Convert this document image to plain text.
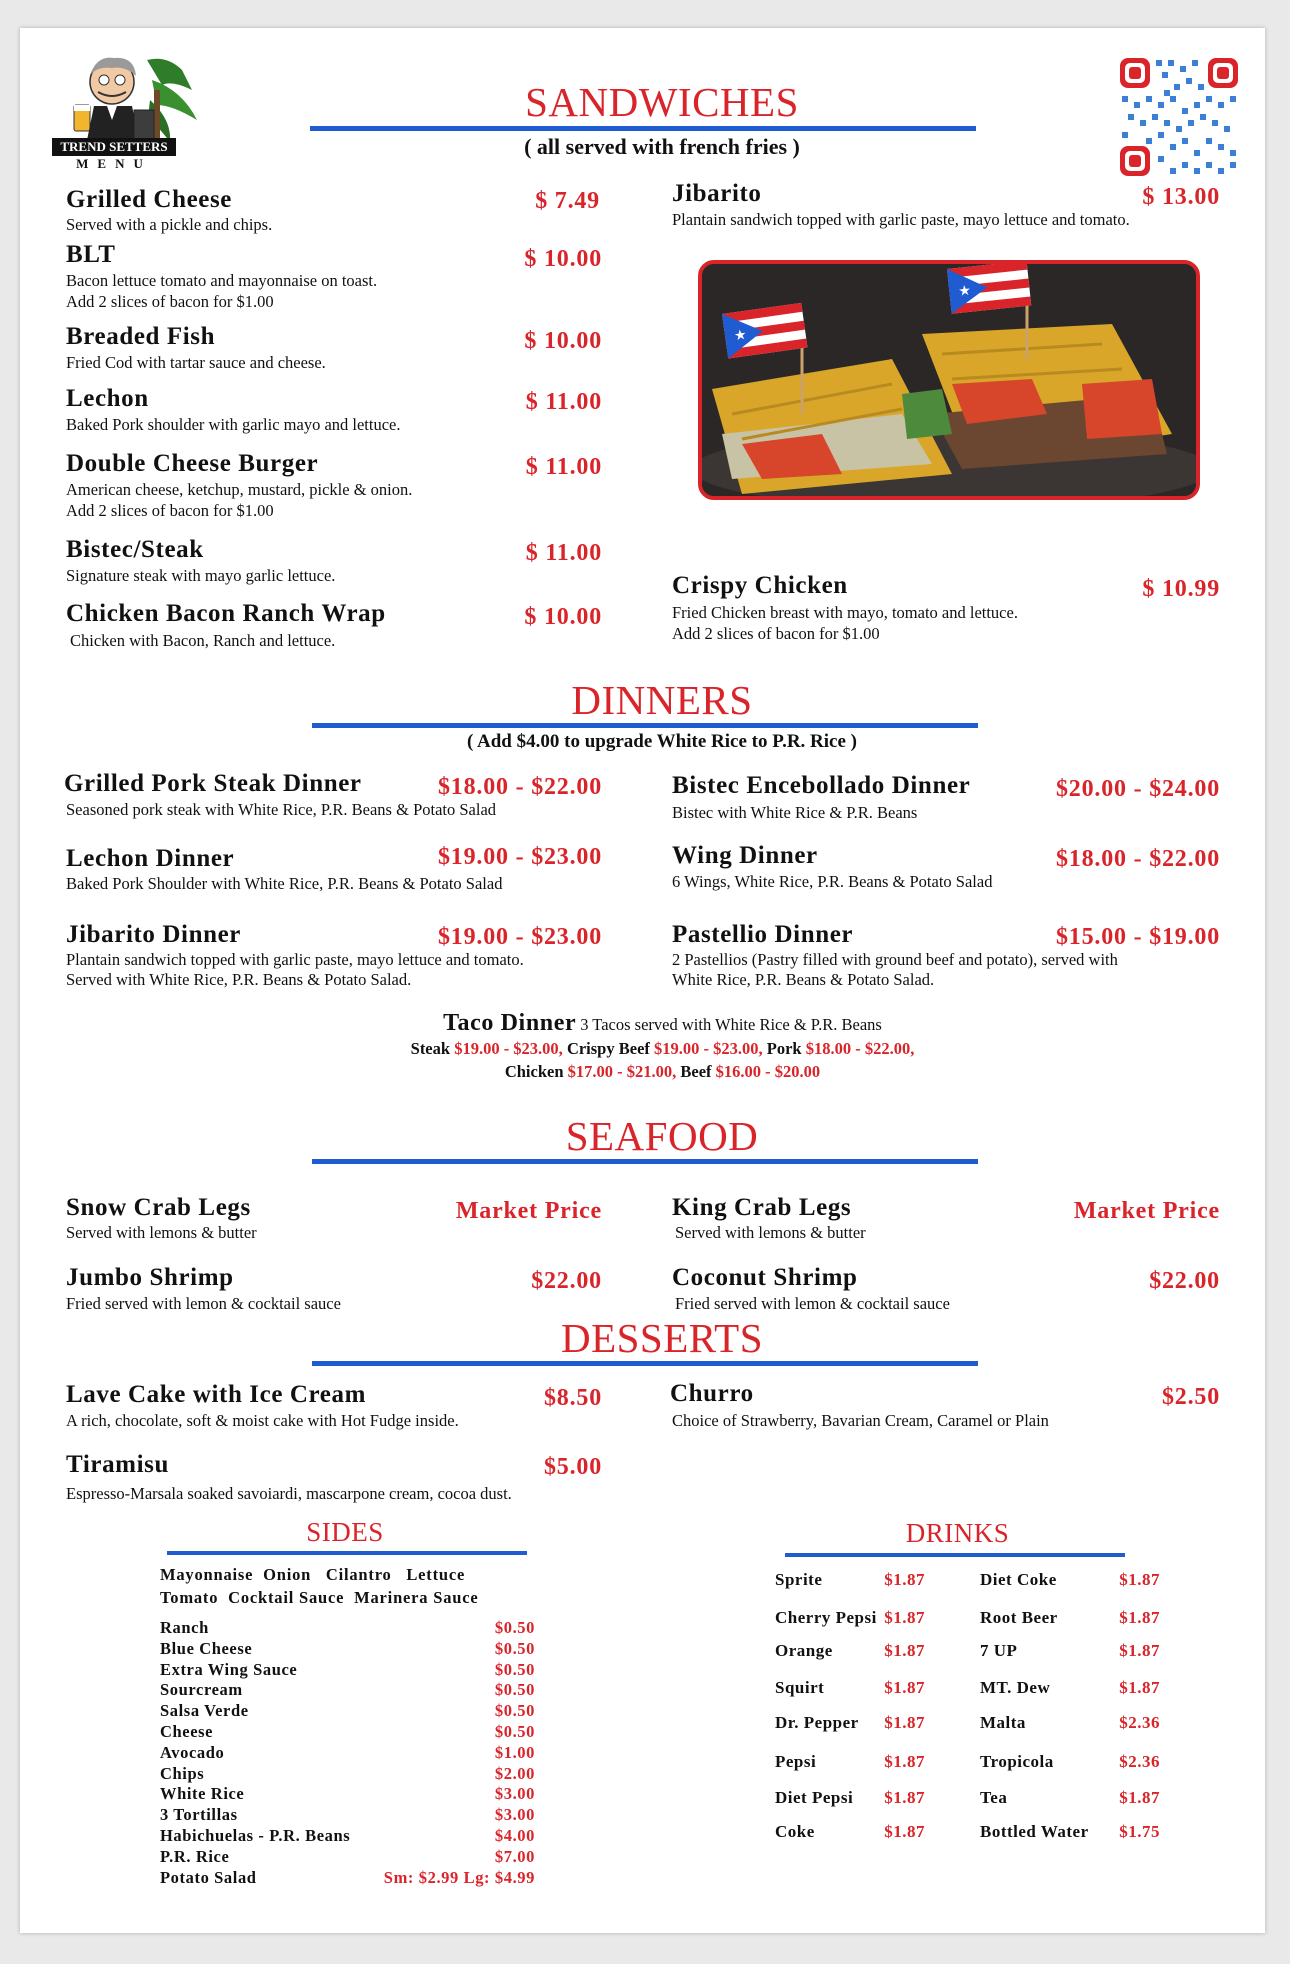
TREND SETTERS
MENU
SANDWICHES
( all served with french fries )
Grilled Cheese	$ 7.49
Served with a pickle and chips.
BLT	$ 10.00
Bacon lettuce tomato and mayonnaise on toast.
Add 2 slices of bacon for $1.00
Breaded Fish	$ 10.00
Fried Cod with tartar sauce and cheese.
Lechon	$ 11.00
Baked Pork shoulder with garlic mayo and lettuce.
Double Cheese Burger	$ 11.00
American cheese, ketchup, mustard, pickle & onion.
Add 2 slices of bacon for $1.00
Bistec/Steak	$ 11.00
Signature steak with mayo garlic lettuce.
Chicken Bacon Ranch Wrap	$ 10.00
Chicken with Bacon, Ranch and lettuce.
Jibarito	$ 13.00
Plantain sandwich topped with garlic paste, mayo lettuce and tomato.
★
★
Crispy Chicken	$ 10.99
Fried Chicken breast with mayo, tomato and lettuce.
Add 2 slices of bacon for $1.00
DINNERS
( Add $4.00 to upgrade White Rice to P.R. Rice )
Grilled Pork Steak Dinner	$18.00 - $22.00
Seasoned pork steak with White Rice, P.R. Beans & Potato Salad
Lechon Dinner	$19.00 - $23.00
Baked Pork Shoulder with White Rice, P.R. Beans & Potato Salad
Jibarito Dinner	$19.00 - $23.00
Plantain sandwich topped with garlic paste, mayo lettuce and tomato.
Served with White Rice, P.R. Beans & Potato Salad.
Bistec Encebollado Dinner	$20.00 - $24.00
Bistec with White Rice & P.R. Beans
Wing Dinner	$18.00 - $22.00
6 Wings, White Rice, P.R. Beans & Potato Salad
Pastellio Dinner	$15.00 - $19.00
2 Pastellios (Pastry filled with ground beef and potato), served with
White Rice, P.R. Beans & Potato Salad.
Taco Dinner 3 Tacos served with White Rice & P.R. Beans
Steak $19.00 - $23.00, Crispy Beef $19.00 - $23.00, Pork $18.00 - $22.00,
Chicken $17.00 - $21.00, Beef $16.00 - $20.00
SEAFOOD
Snow Crab Legs	Market Price
Served with lemons & butter
King Crab Legs	Market Price
Served with lemons & butter
Jumbo Shrimp	$22.00
Fried served with lemon & cocktail sauce
Coconut Shrimp	$22.00
Fried served with lemon & cocktail sauce
DESSERTS
Lave Cake with Ice Cream	$8.50
A rich, chocolate, soft & moist cake with Hot Fudge inside.
Churro	$2.50
Choice of Strawberry, Bavarian Cream, Caramel or Plain
Tiramisu	$5.00
Espresso-Marsala soaked savoiardi, mascarpone cream, cocoa dust.
SIDES
Mayonnaise  Onion   Cilantro   Lettuce
Tomato  Cocktail Sauce  Marinera Sauce
Ranch	$0.50
Blue Cheese	$0.50
Extra Wing Sauce	$0.50
Sourcream	$0.50
Salsa Verde	$0.50
Cheese	$0.50
Avocado	$1.00
Chips	$2.00
White Rice	$3.00
3 Tortillas	$3.00
Habichuelas - P.R. Beans	$4.00
P.R. Rice	$7.00
Potato Salad	Sm: $2.99 Lg: $4.99
DRINKS
Sprite	$1.87
Cherry Pepsi $1.87
Orange	$1.87
Squirt	$1.87
Dr. Pepper $1.87
Pepsi	$1.87
Diet Pepsi $1.87
Coke	$1.87
Diet Coke	$1.87
Root Beer	$1.87
7 UP	$1.87
MT. Dew	$1.87
Malta	$2.36
Tropicola	$2.36
Tea	$1.87
Bottled Water $1.75
